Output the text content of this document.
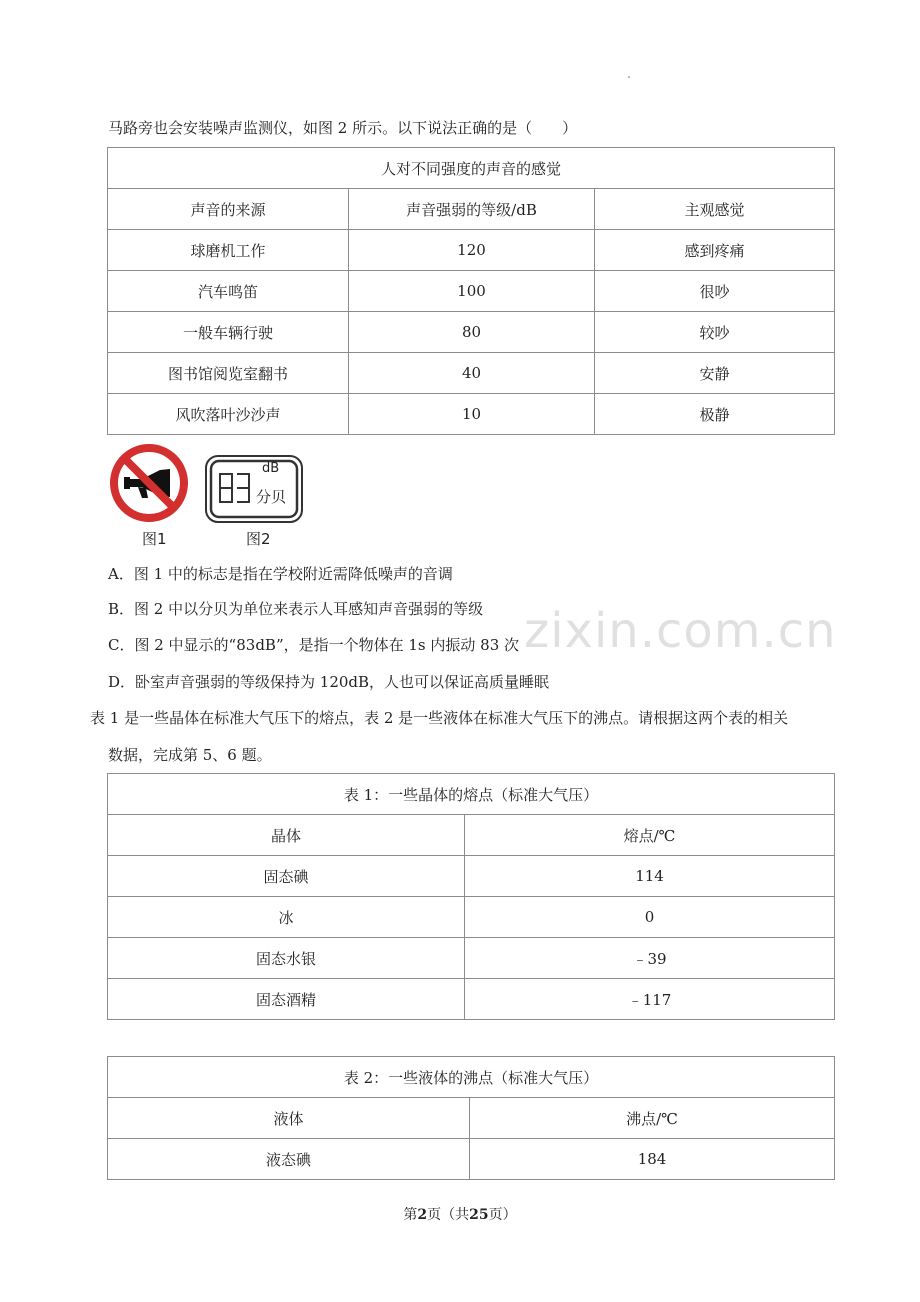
马路旁也会安装噪声监测仪，如图 2 所示。以下说法正确的是（　　）
人对不同强度的声音的感觉		
声音的来源	声音强弱的等级/dB	主观感觉
球磨机工作	120	感到疼痛
汽车鸣笛	100	很吵
一般车辆行驶	80	较吵
图书馆阅览室翻书	40	安静
风吹落叶沙沙声	10	极静
图1
dB
分贝
图2
A．图 1 中的标志是指在学校附近需降低噪声的音调
B．图 2 中以分贝为单位来表示人耳感知声音强弱的等级
C．图 2 中显示的“83dB”，是指一个物体在 1s 内振动 83 次
D．卧室声音强弱的等级保持为 120dB，人也可以保证高质量睡眠
zixin.com.cn
表 1 是一些晶体在标准大气压下的熔点，表 2 是一些液体在标准大气压下的沸点。请根据这两个表的相关
数据，完成第 5、6 题。
表 1：一些晶体的熔点（标准大气压）	
晶体	熔点/℃
固态碘	114
冰	0
固态水银	﹣39
固态酒精	﹣117
表 2：一些液体的沸点（标准大气压）	
液体	沸点/℃
液态碘	184
第2页（共25页）
